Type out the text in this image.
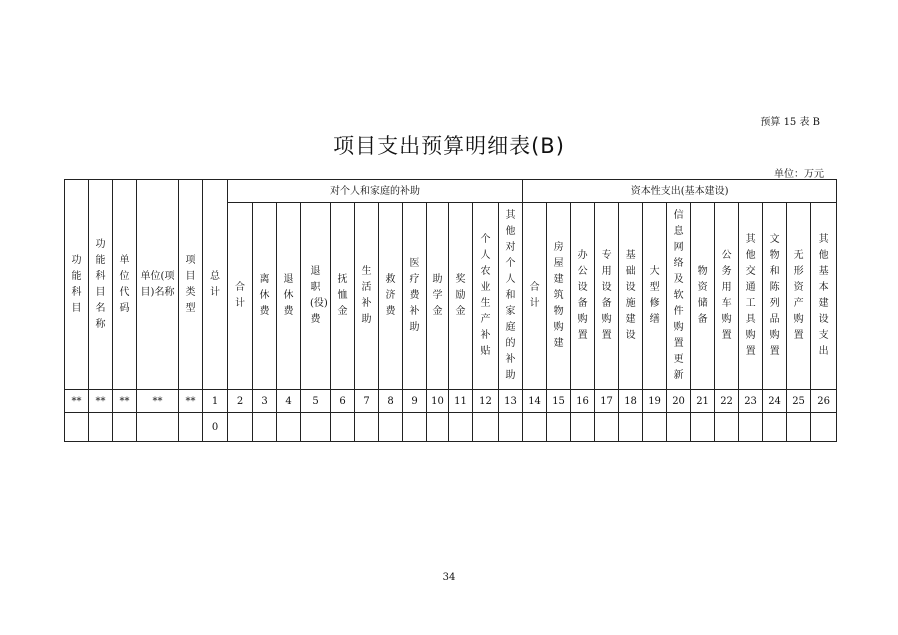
预算 15 表 B
项目支出预算明细表(B)
单位：万元
功能科目	功能科目名称	单位代码	单位(项目)名称	项目类型	总计	对个人和家庭的补助												资本性支出(基本建设)												
						合计	离休费	退休费	退职(役)费	抚恤金	生活补助	救济费	医疗费补助	助学金	奖励金	个人农业生产补贴	其他对个人和家庭的补助	合计	房屋建筑物购建	办公设备购置	专用设备购置	基础设施建设	大型修缮	信息网络及软件购置更新	物资储备	公务用车购置	其他交通工具购置	文物和陈列品购置	无形资产购置	其他基本建设支出
**	**	**	**	**	1	2	3	4	5	6	7	8	9	10	11	12	13	14	15	16	17	18	19	20	21	22	23	24	25	26
					0																									
34
